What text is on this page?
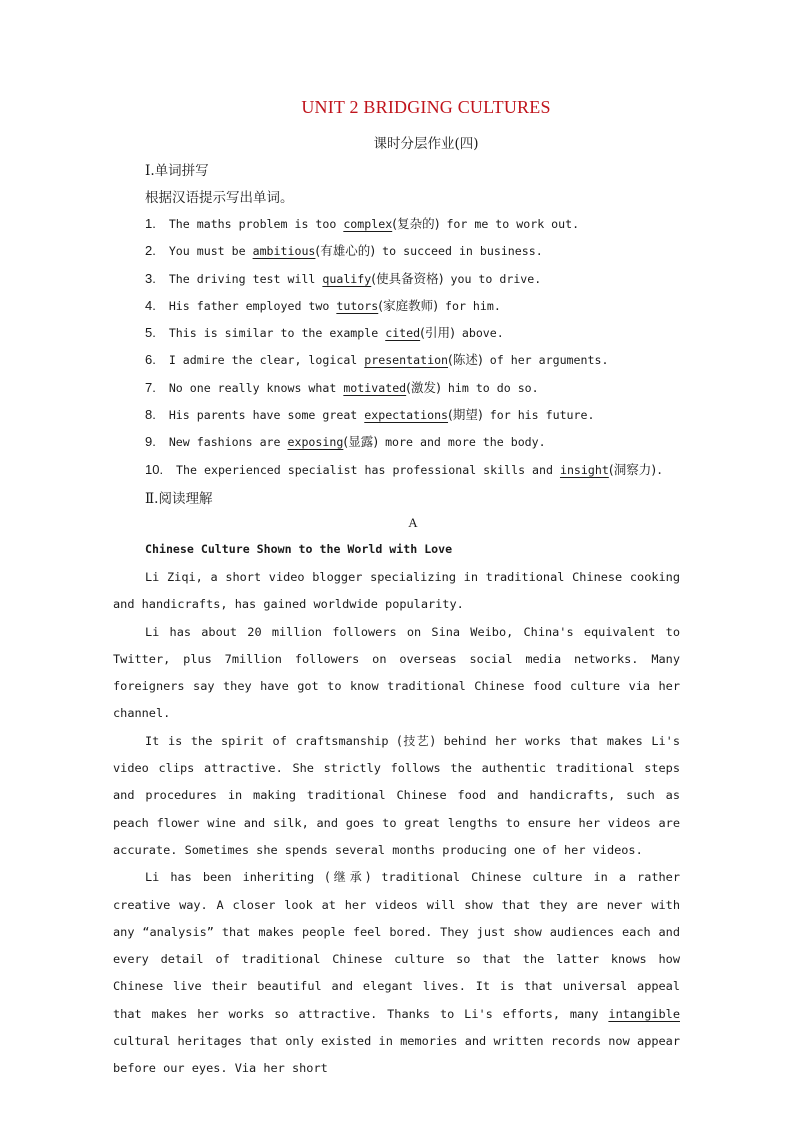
UNIT 2 BRIDGING CULTURES
课时分层作业(四)
Ⅰ.单词拼写
根据汉语提示写出单词。
1. The maths problem is too complex(复杂的) for me to work out.
2. You must be ambitious(有雄心的) to succeed in business.
3. The driving test will qualify(使具备资格) you to drive.
4. His father employed two tutors(家庭教师) for him.
5. This is similar to the example cited(引用) above.
6. I admire the clear, logical presentation(陈述) of her arguments.
7. No one really knows what motivated(激发) him to do so.
8. His parents have some great expectations(期望) for his future.
9. New fashions are exposing(显露) more and more the body.
10. The experienced specialist has professional skills and insight(洞察力).
Ⅱ.阅读理解
A
Chinese Culture Shown to the World with Love

Li Ziqi, a short video blogger specializing in traditional Chinese cooking and handicrafts, has gained worldwide popularity.

Li has about 20 million followers on Sina Weibo, China's equivalent to Twitter, plus 7million followers on overseas social media networks. Many foreigners say they have got to know traditional Chinese food culture via her channel.

It is the spirit of craftsmanship (技艺) behind her works that makes Li's video clips attractive. She strictly follows the authentic traditional steps and procedures in making traditional Chinese food and handicrafts, such as peach flower wine and silk, and goes to great lengths to ensure her videos are accurate. Sometimes she spends several months producing one of her videos.

Li has been inheriting (继承) traditional Chinese culture in a rather creative way. A closer look at her videos will show that they are never with any “analysis” that makes people feel bored. They just show audiences each and every detail of traditional Chinese culture so that the latter knows how Chinese live their beautiful and elegant lives. It is that universal appeal that makes her works so attractive. Thanks to Li's efforts, many intangible cultural heritages that only existed in memories and written records now appear before our eyes. Via her short
